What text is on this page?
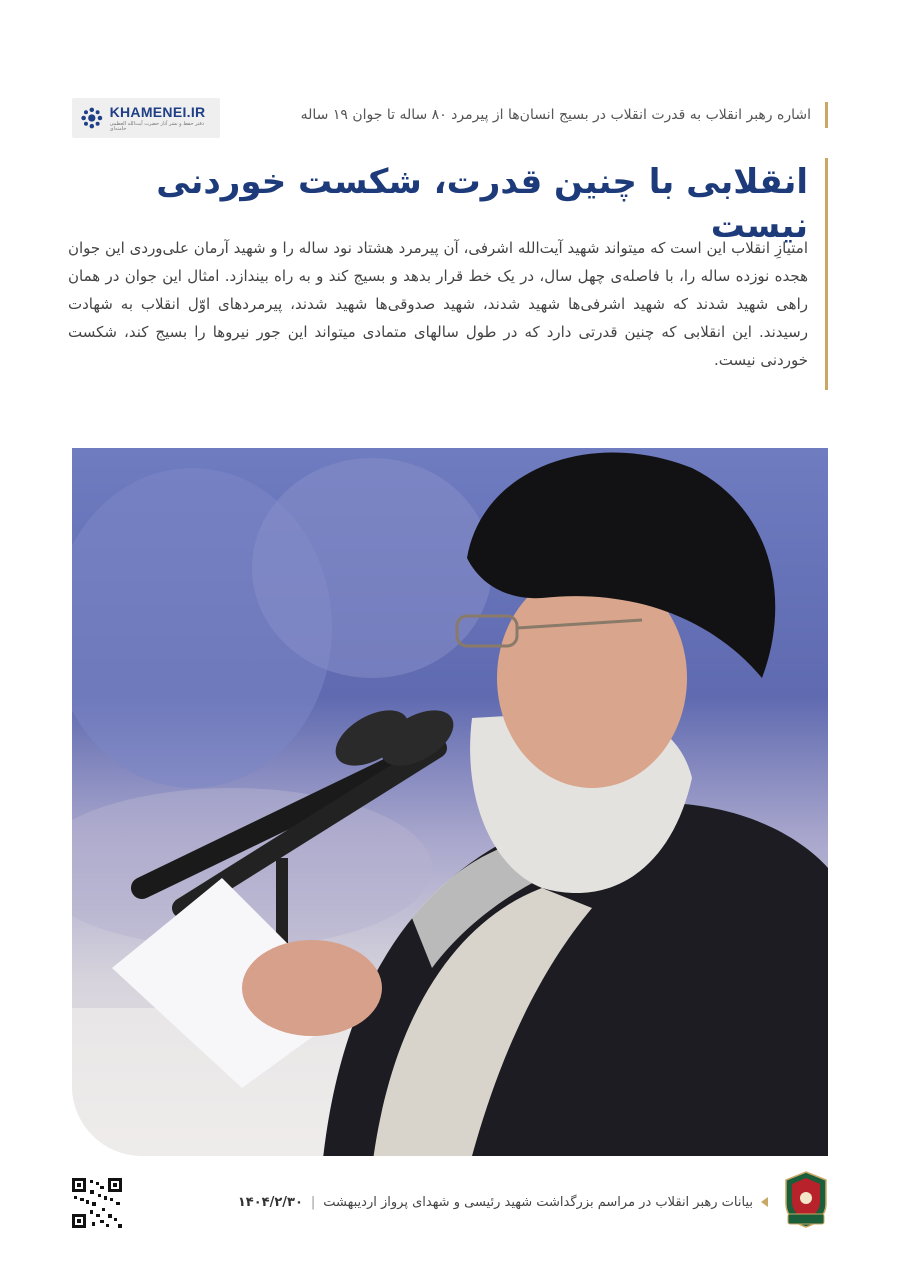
اشاره رهبر انقلاب به قدرت انقلاب در بسیج انسان‌ها از پیرمرد ۸۰ ساله تا جوان ۱۹ ساله
KHAMENEI.IR
دفتر حفظ و نشر آثار حضرت آیت‌الله العظمی خامنه‌ای
انقلابی با چنین قدرت، شکست خوردنی نیست

امتیازِ انقلاب این است که میتواند شهید آیت‌الله اشرفی، آن پیرمرد هشتاد نود ساله را و شهید آرمان علی‌وردی این جوان هجده نوزده ساله را، با فاصله‌ی چهل سال، در یک خط قرار بدهد و بسیج کند و به راه بیندازد. امثال این جوان در همان راهی شهید شدند که شهید اشرفی‌ها شهید شدند، شهید صدوقی‌ها شهید شدند، پیرمردهای اوّل انقلاب به شهادت رسیدند. این انقلابی که چنین قدرتی دارد که در طول سالهای متمادی میتواند این جور نیروها را بسیج کند، شکست خوردنی نیست.

بیانات رهبر انقلاب در مراسم بزرگداشت شهید رئیسی و شهدای پرواز اردیبهشت
|
۱۴۰۴/۲/۳۰
